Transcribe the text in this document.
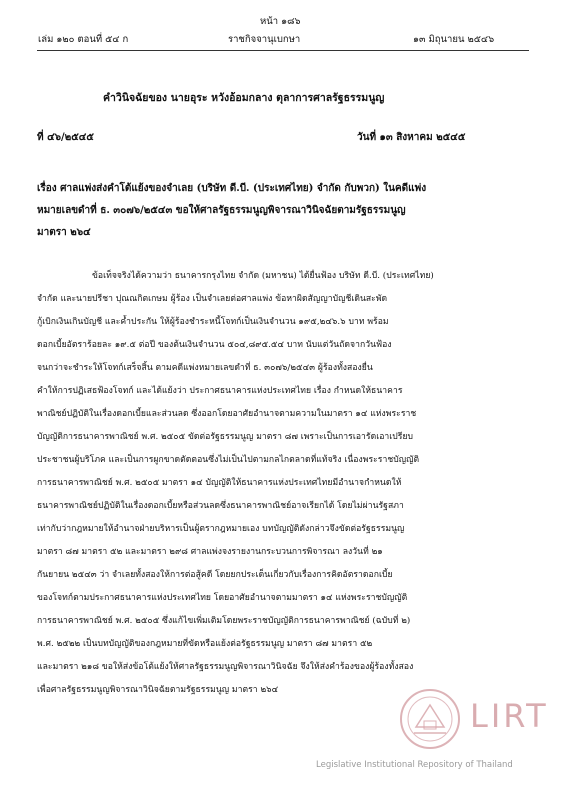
หน้า ๑๘๖
เล่ม ๑๒๐ ตอนที่ ๕๔ ก	ราชกิจจานุเบกษา	๑๓ มิถุนายน ๒๕๔๖
คำวินิจฉัยของ นายอุระ หวังอ้อมกลาง ตุลาการศาลรัฐธรรมนูญ
ที่ ๔๖/๒๕๔๕	วันที่ ๑๓ สิงหาคม ๒๕๔๕
เรื่อง ศาลแพ่งส่งคำโต้แย้งของจำเลย (บริษัท ดี.บี. (ประเทศไทย) จำกัด กับพวก) ในคดีแพ่ง
หมายเลขดำที่ ธ. ๓๐๗๖/๒๕๔๓ ขอให้ศาลรัฐธรรมนูญพิจารณาวินิจฉัยตามรัฐธรรมนูญ
มาตรา ๒๖๔
ข้อเท็จจริงได้ความว่า ธนาคารกรุงไทย จำกัด (มหาชน) ได้ยื่นฟ้อง บริษัท ดี.บี. (ประเทศไทย)
จำกัด และนายปรีชา ปุณณกิตเกษม ผู้ร้อง เป็นจำเลยต่อศาลแพ่ง ข้อหาผิดสัญญาบัญชีเดินสะพัด
กู้เบิกเงินเกินบัญชี และค้ำประกัน ให้ผู้ร้องชำระหนี้โจทก์เป็นเงินจำนวน ๑๙๕,๒๔๖.๖ บาท พร้อม
ดอกเบี้ยอัตราร้อยละ ๑๙.๕ ต่อปี ของต้นเงินจำนวน ๕๐๔,๘๙๕.๕๔ บาท นับแต่วันถัดจากวันฟ้อง
จนกว่าจะชำระให้โจทก์เสร็จสิ้น ตามคดีแพ่งหมายเลขดำที่ ธ. ๓๐๗๖/๒๕๔๓ ผู้ร้องทั้งสองยื่น
คำให้การปฏิเสธฟ้องโจทก์ และได้แย้งว่า ประกาศธนาคารแห่งประเทศไทย เรื่อง กำหนดให้ธนาคาร
พาณิชย์ปฏิบัติในเรื่องดอกเบี้ยและส่วนลด ซึ่งออกโดยอาศัยอำนาจตามความในมาตรา ๑๔ แห่งพระราช
บัญญัติการธนาคารพาณิชย์ พ.ศ. ๒๕๐๕ ขัดต่อรัฐธรรมนูญ มาตรา ๘๗ เพราะเป็นการเอารัดเอาเปรียบ
ประชาชนผู้บริโภค และเป็นการผูกขาดตัดตอนซึ่งไม่เป็นไปตามกลไกตลาดที่แท้จริง เนื่องพระราชบัญญัติ
การธนาคารพาณิชย์ พ.ศ. ๒๕๐๕ มาตรา ๑๔ บัญญัติให้ธนาคารแห่งประเทศไทยมีอำนาจกำหนดให้
ธนาคารพาณิชย์ปฏิบัติในเรื่องดอกเบี้ยหรือส่วนลดซึ่งธนาคารพาณิชย์อาจเรียกได้ โดยไม่ผ่านรัฐสภา
เท่ากับว่ากฎหมายให้อำนาจฝ่ายบริหารเป็นผู้ตรากฎหมายเอง บทบัญญัติดังกล่าวจึงขัดต่อรัฐธรรมนูญ
มาตรา ๘๗ มาตรา ๕๒ และมาตรา ๒๙๘ ศาลแพ่งจงรายงานกระบวนการพิจารณา ลงวันที่ ๒๑
กันยายน ๒๕๔๓ ว่า จำเลยทั้งสองให้การต่อสู้คดี โดยยกประเด็นเกี่ยวกับเรื่องการคิดอัตราดอกเบี้ย
ของโจทก์ตามประกาศธนาคารแห่งประเทศไทย โดยอาศัยอำนาจตามมาตรา ๑๔ แห่งพระราชบัญญัติ
การธนาคารพาณิชย์ พ.ศ. ๒๕๐๕ ซึ่งแก้ไขเพิ่มเติมโดยพระราชบัญญัติการธนาคารพาณิชย์ (ฉบับที่ ๒)
พ.ศ. ๒๕๒๒ เป็นบทบัญญัติของกฎหมายที่ขัดหรือแย้งต่อรัฐธรรมนูญ มาตรา ๘๗ มาตรา ๕๒
และมาตรา ๒๑๘ ขอให้ส่งข้อโต้แย้งให้ศาลรัฐธรรมนูญพิจารณาวินิจฉัย จึงให้ส่งคำร้องของผู้ร้องทั้งสอง
เพื่อศาลรัฐธรรมนูญพิจารณาวินิจฉัยตามรัฐธรรมนูญ มาตรา ๒๖๔
LIRT
Legislative Institutional Repository of Thailand
